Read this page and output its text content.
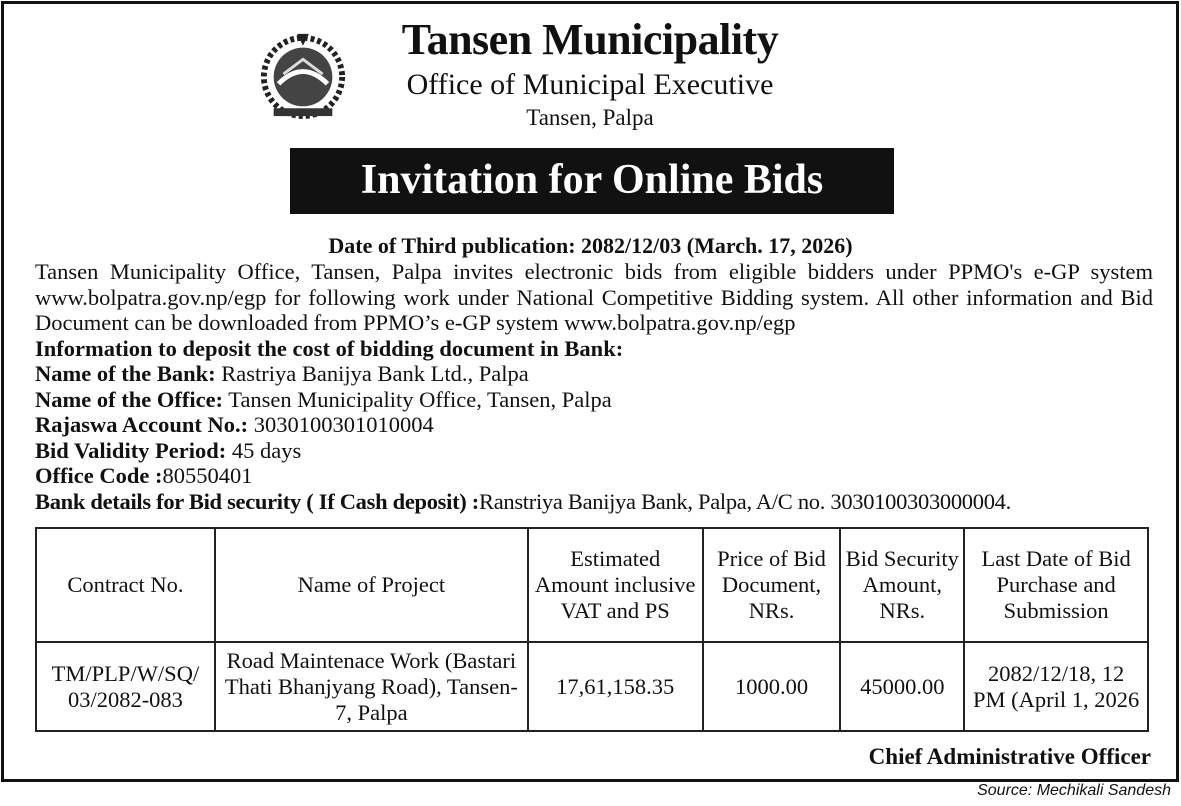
Tansen Municipality
Office of Municipal Executive
Tansen, Palpa
Invitation for Online Bids
Date of Third publication: 2082/12/03 (March. 17, 2026)
Tansen Municipality Office, Tansen, Palpa invites electronic bids from eligible bidders under PPMO's e-GP system www.bolpatra.gov.np/egp for following work under National Competitive Bidding system. All other information and Bid    Document can be downloaded from PPMO’s e-GP system www.bolpatra.gov.np/egp
Information to deposit the cost of bidding document in Bank:
Name of the Bank: Rastriya Banijya Bank Ltd., Palpa
Name of the Office: Tansen Municipality Office, Tansen, Palpa
Rajaswa Account No.: 3030100301010004
Bid Validity Period: 45 days
Office Code :80550401
Bank details for Bid security ( If Cash deposit) :Ranstriya Banijya Bank, Palpa, A/C no. 3030100303000004.
Contract No.	Name of Project	Estimated Amount inclusive VAT and PS	Price of Bid Document, NRs.	Bid Security Amount, NRs.	Last Date of Bid Purchase and Submission
TM/PLP/W/SQ/ 03/2082-083	Road Maintenace Work (Bastari Thati Bhanjyang Road), Tansen-7, Palpa	17,61,158.35	1000.00	45000.00	2082/12/18, 12 PM (April 1, 2026
Chief Administrative Officer
Source: Mechikali Sandesh
